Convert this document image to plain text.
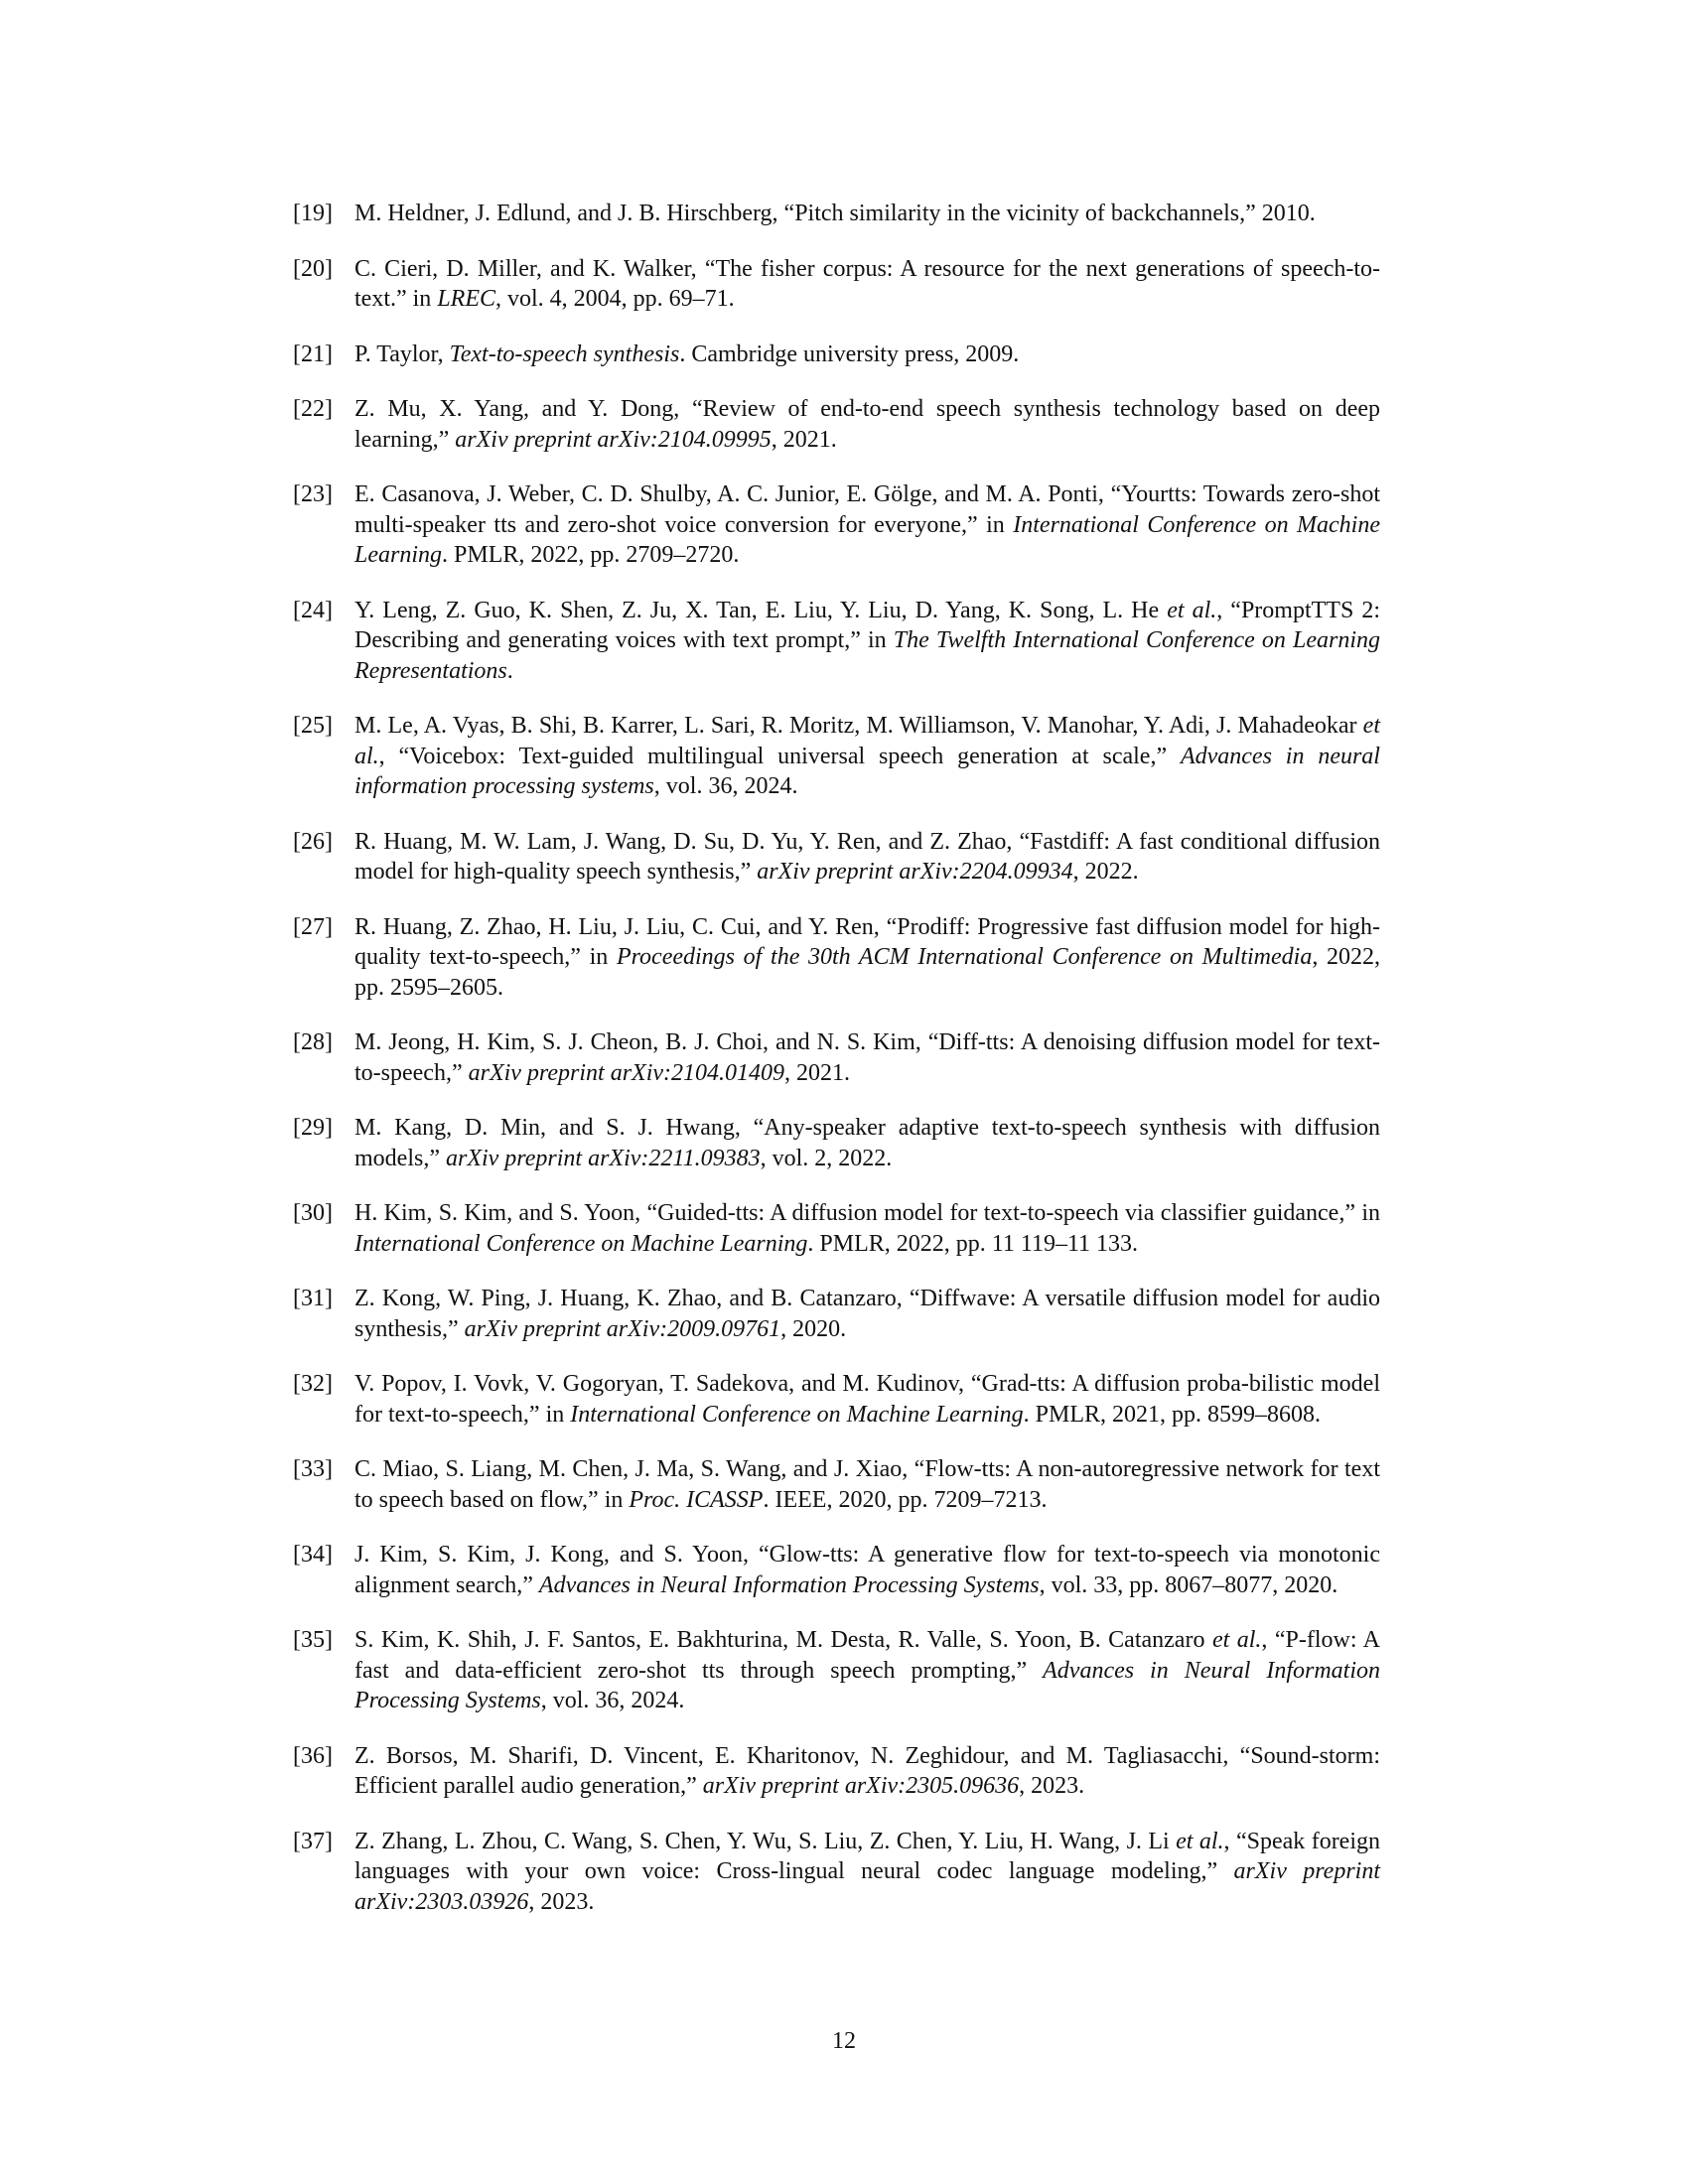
[19] M. Heldner, J. Edlund, and J. B. Hirschberg, “Pitch similarity in the vicinity of backchannels,” 2010.
[20] C. Cieri, D. Miller, and K. Walker, “The fisher corpus: A resource for the next generations of speech-to-text.” in LREC, vol. 4, 2004, pp. 69–71.
[21] P. Taylor, Text-to-speech synthesis. Cambridge university press, 2009.
[22] Z. Mu, X. Yang, and Y. Dong, “Review of end-to-end speech synthesis technology based on deep learning,” arXiv preprint arXiv:2104.09995, 2021.
[23] E. Casanova, J. Weber, C. D. Shulby, A. C. Junior, E. Gölge, and M. A. Ponti, “Yourtts: Towards zero-shot multi-speaker tts and zero-shot voice conversion for everyone,” in International Conference on Machine Learning. PMLR, 2022, pp. 2709–2720.
[24] Y. Leng, Z. Guo, K. Shen, Z. Ju, X. Tan, E. Liu, Y. Liu, D. Yang, K. Song, L. He et al., “PromptTTS 2: Describing and generating voices with text prompt,” in The Twelfth International Conference on Learning Representations.
[25] M. Le, A. Vyas, B. Shi, B. Karrer, L. Sari, R. Moritz, M. Williamson, V. Manohar, Y. Adi, J. Mahadeokar et al., “Voicebox: Text-guided multilingual universal speech generation at scale,” Advances in neural information processing systems, vol. 36, 2024.
[26] R. Huang, M. W. Lam, J. Wang, D. Su, D. Yu, Y. Ren, and Z. Zhao, “Fastdiff: A fast conditional diffusion model for high-quality speech synthesis,” arXiv preprint arXiv:2204.09934, 2022.
[27] R. Huang, Z. Zhao, H. Liu, J. Liu, C. Cui, and Y. Ren, “Prodiff: Progressive fast diffusion model for high-quality text-to-speech,” in Proceedings of the 30th ACM International Conference on Multimedia, 2022, pp. 2595–2605.
[28] M. Jeong, H. Kim, S. J. Cheon, B. J. Choi, and N. S. Kim, “Diff-tts: A denoising diffusion model for text-to-speech,” arXiv preprint arXiv:2104.01409, 2021.
[29] M. Kang, D. Min, and S. J. Hwang, “Any-speaker adaptive text-to-speech synthesis with diffusion models,” arXiv preprint arXiv:2211.09383, vol. 2, 2022.
[30] H. Kim, S. Kim, and S. Yoon, “Guided-tts: A diffusion model for text-to-speech via classifier guidance,” in International Conference on Machine Learning. PMLR, 2022, pp. 11 119–11 133.
[31] Z. Kong, W. Ping, J. Huang, K. Zhao, and B. Catanzaro, “Diffwave: A versatile diffusion model for audio synthesis,” arXiv preprint arXiv:2009.09761, 2020.
[32] V. Popov, I. Vovk, V. Gogoryan, T. Sadekova, and M. Kudinov, “Grad-tts: A diffusion proba-bilistic model for text-to-speech,” in International Conference on Machine Learning. PMLR, 2021, pp. 8599–8608.
[33] C. Miao, S. Liang, M. Chen, J. Ma, S. Wang, and J. Xiao, “Flow-tts: A non-autoregressive network for text to speech based on flow,” in Proc. ICASSP. IEEE, 2020, pp. 7209–7213.
[34] J. Kim, S. Kim, J. Kong, and S. Yoon, “Glow-tts: A generative flow for text-to-speech via monotonic alignment search,” Advances in Neural Information Processing Systems, vol. 33, pp. 8067–8077, 2020.
[35] S. Kim, K. Shih, J. F. Santos, E. Bakhturina, M. Desta, R. Valle, S. Yoon, B. Catanzaro et al., “P-flow: A fast and data-efficient zero-shot tts through speech prompting,” Advances in Neural Information Processing Systems, vol. 36, 2024.
[36] Z. Borsos, M. Sharifi, D. Vincent, E. Kharitonov, N. Zeghidour, and M. Tagliasacchi, “Sound-storm: Efficient parallel audio generation,” arXiv preprint arXiv:2305.09636, 2023.
[37] Z. Zhang, L. Zhou, C. Wang, S. Chen, Y. Wu, S. Liu, Z. Chen, Y. Liu, H. Wang, J. Li et al., “Speak foreign languages with your own voice: Cross-lingual neural codec language modeling,” arXiv preprint arXiv:2303.03926, 2023.
12
